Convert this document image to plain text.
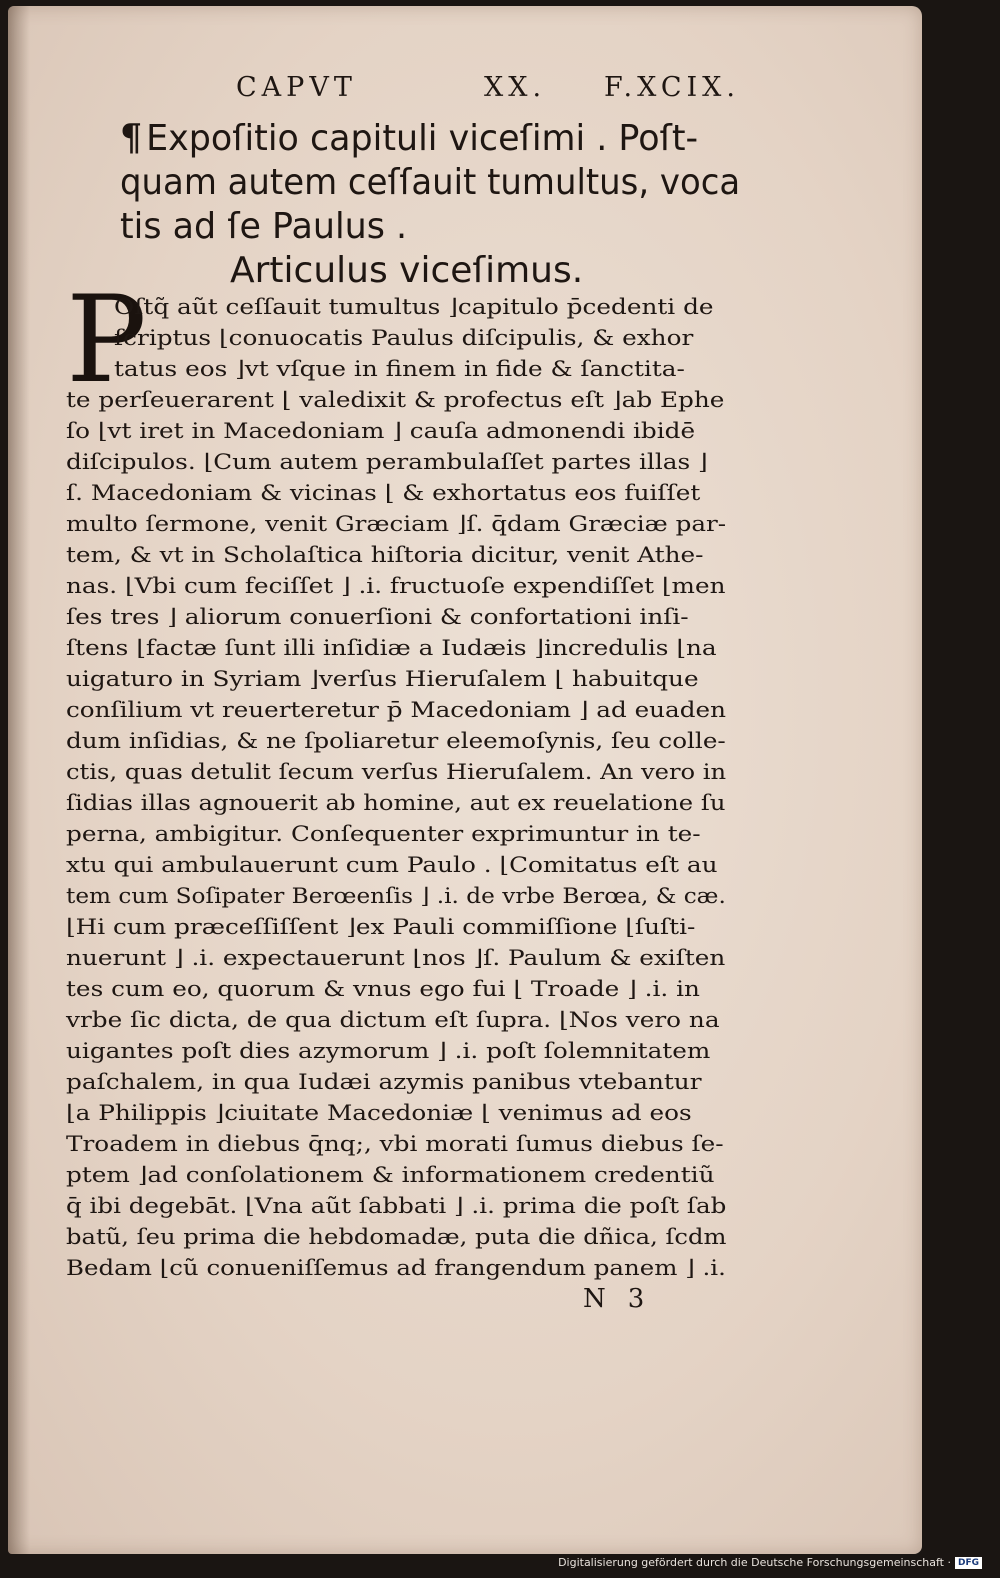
CAPVT	XX. F.XCIX.
¶ Expoſitio capituli viceſimi . Poſt-
quam autem ceſſauit tumultus, voca
tis ad ſe Paulus .
Articulus viceſimus.
P
Oſtq̃ aũt ceſſauit tumultus ⌋capitulo p̄cedenti de
ſcriptus ⌊conuocatis Paulus diſcipulis, & exhor
tatus eos ⌋vt vſque in finem in fide & ſanctita-
te perſeuerarent ⌊ valedixit & profectus eſt ⌋ab Ephe
ſo ⌊vt iret in Macedoniam ⌋ cauſa admonendi ibidē
diſcipulos. ⌊Cum autem perambulaſſet partes illas ⌋
ſ. Macedoniam & vicinas ⌊ & exhortatus eos fuiſſet
multo ſermone, venit Græciam ⌋ſ. q̄dam Græciæ par-
tem, & vt in Scholaſtica hiſtoria dicitur, venit Athe-
nas. ⌊Vbi cum feciſſet ⌋ .i. fructuoſe expendiſſet ⌊men
ſes tres ⌋ aliorum conuerſioni & confortationi inſi-
ſtens ⌊factæ ſunt illi inſidiæ a Iudæis ⌋incredulis ⌊na
uigaturo in Syriam ⌋verſus Hieruſalem ⌊ habuitque
conſilium vt reuerteretur p̄ Macedoniam ⌋ ad euaden
dum inſidias, & ne ſpoliaretur eleemoſynis, ſeu colle-
ctis, quas detulit ſecum verſus Hieruſalem. An vero in
ſidias illas agnouerit ab homine, aut ex reuelatione ſu
perna, ambigitur. Conſequenter exprimuntur in te-
xtu qui ambulauerunt cum Paulo . ⌊Comitatus eſt au
tem cum Soſipater Berœenſis ⌋ .i. de vrbe Berœa, & cæ.
⌊Hi cum præceſſiſſent ⌋ex Pauli commiſſione ⌊ſuſti-
nuerunt ⌋ .i. expectauerunt ⌊nos ⌋ſ. Paulum & exiſten
tes cum eo, quorum & vnus ego fui ⌊ Troade ⌋ .i. in
vrbe ſic dicta, de qua dictum eſt ſupra. ⌊Nos vero na
uigantes poſt dies azymorum ⌋ .i. poſt ſolemnitatem
paſchalem, in qua Iudæi azymis panibus vtebantur
⌊a Philippis ⌋ciuitate Macedoniæ ⌊ venimus ad eos
Troadem in diebus q̄nq;, vbi morati ſumus diebus ſe-
ptem ⌋ad conſolationem & informationem credentiũ
q̄ ibi degebāt. ⌊Vna aũt ſabbati ⌋ .i. prima die poſt ſab
batũ, ſeu prima die hebdomadæ, puta die dñica, ſcdm
Bedam ⌊cũ conueniſſemus ad frangendum panem ⌋ .i.
N3
Digitalisierung gefördert durch die Deutsche Forschungsgemeinschaft · DFG
